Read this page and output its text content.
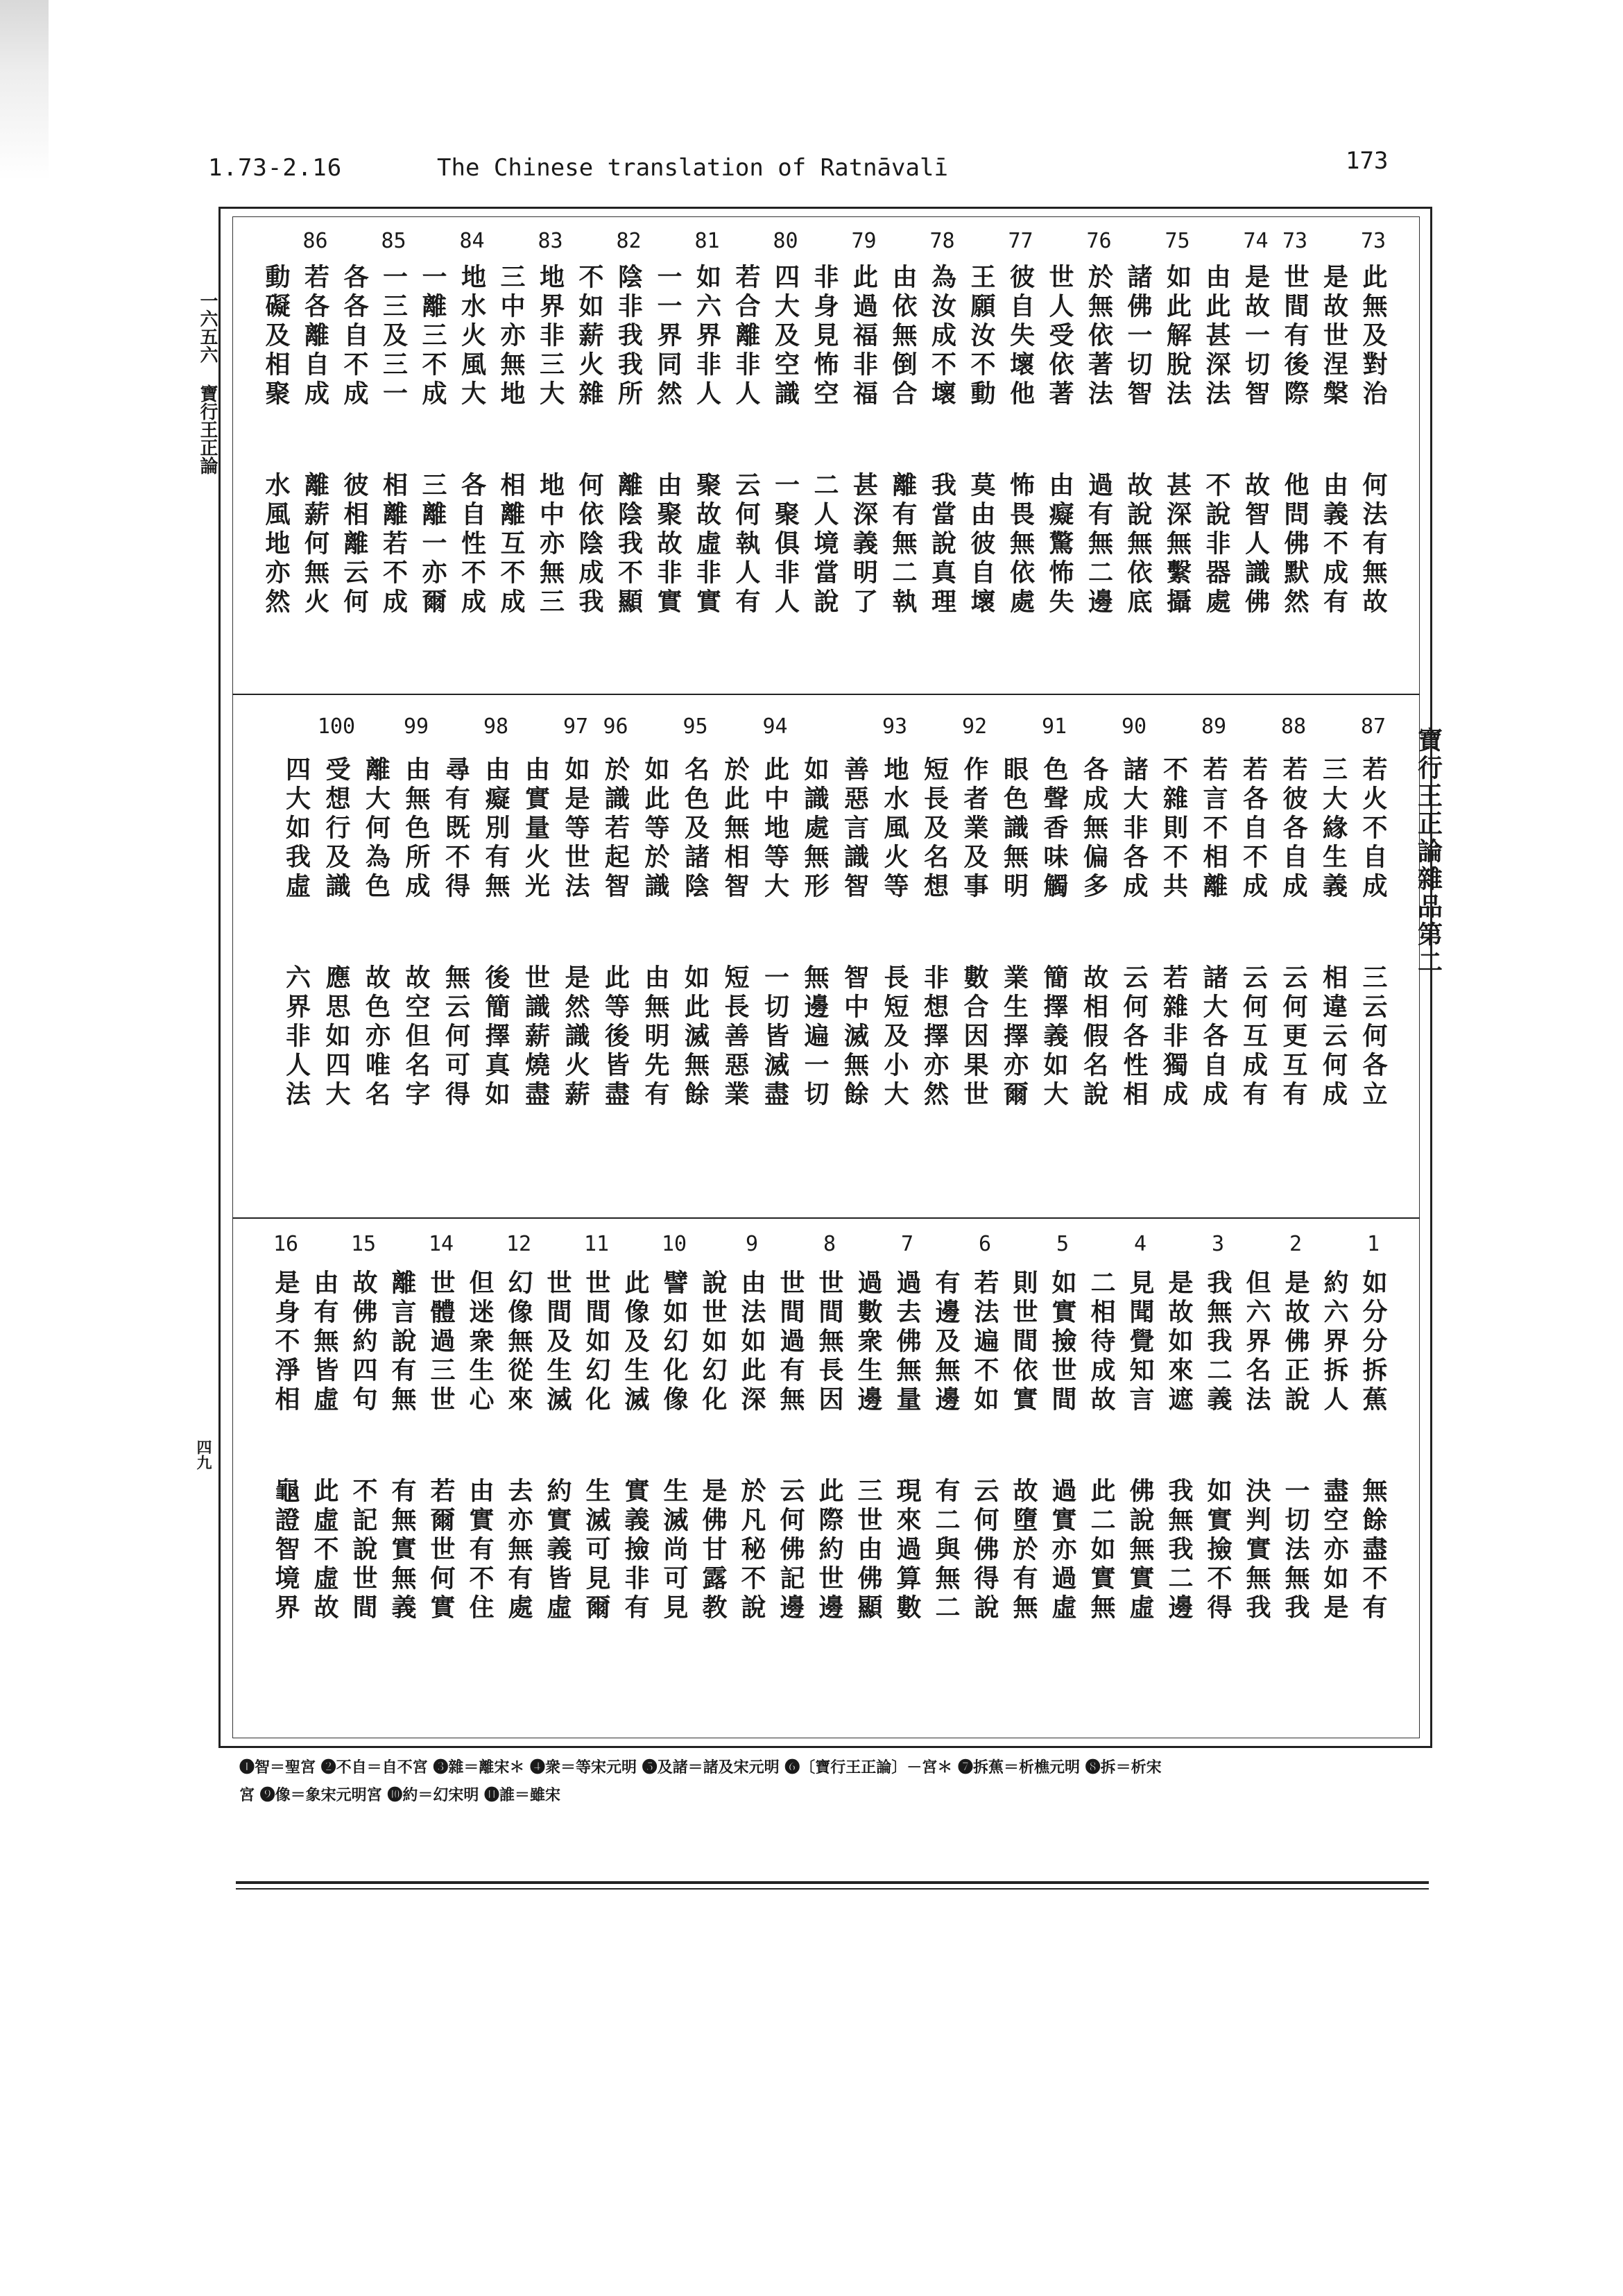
1.73-2.16	The Chinese translation of Ratnāvalī	173
一六五六 寶行王正論
四九
73
此無及對治
何法有無故
是故世涅槃
由義不成有
73
世間有後際
他問佛默然
74
是故一切智
故智人識佛
由此甚深法
不說非器處
75
如此解脫法
甚深無繫攝
諸佛一切智
故說無依底
76
於無依著法
過有無二邊
世人受依著
由癡驚怖失
77
彼自失壞他
怖畏無依處
王願汝不動
莫由彼自壞
78
為汝成不壞
我當說真理
由依無倒合
離有無二執
79
此過福非福
甚深義明了
非身見怖空
二人境當說
80
四大及空識
一聚俱非人
若合離非人
云何執人有
81
如六界非人
聚故虛非實
一一界同然
由聚故非實
82
陰非我我所
離陰我不顯
不如薪火雜
何依陰成我
83
地界非三大
地中亦無三
三中亦無地
相離互不成
84
地水火風大
各自性不成
一離三不成
三離一亦爾
85
一三及三一
相離若不成
各各自不成
彼相離云何
86
若各離自成
離薪何無火
動礙及相聚
水風地亦然
寶行王正論雜品第二
87
若火不自成
三云何各立
三大緣生義
相違云何成
88
若彼各自成
云何更互有
若各自不成
云何互成有
89
若言不相離
諸大各自成
不雜則不共
若雜非獨成
90
諸大非各成
云何各性相
各成無偏多
故相假名說
91
色聲香味觸
簡擇義如大
眼色識無明
業生擇亦爾
92
作者業及事
數合因果世
短長及名想
非想擇亦然
93
地水風火等
長短及小大
善惡言識智
智中滅無餘
如識處無形
無邊遍一切
94
此中地等大
一切皆滅盡
於此無相智
短長善惡業
95
名色及諸陰
如此滅無餘
如此等於識
由無明先有
96
於識若起智
此等後皆盡
97
如是等世法
是然識火薪
由實量火光
世識薪燒盡
98
由癡別有無
後簡擇真如
尋有既不得
無云何可得
99
由無色所成
故空但名字
離大何為色
故色亦唯名
100
受想行及識
應思如四大
四大如我虛
六界非人法
1
如分分拆蕉
無餘盡不有
約六界拆人
盡空亦如是
2
是故佛正說
一切法無我
但六界名法
決判實無我
3
我無我二義
如實撿不得
是故如來遮
我無我二邊
4
見聞覺知言
佛說無實虛
二相待成故
此二如實無
5
如實撿世間
過實亦過虛
則世間依實
故墮於有無
6
若法遍不如
云何佛得說
有邊及無邊
有二與無二
7
過去佛無量
現來過算數
過數衆生邊
三世由佛顯
8
世間無長因
此際約世邊
世間過有無
云何佛記邊
9
由法如此深
於凡秘不說
說世如幻化
是佛甘露教
10
譬如幻化像
生滅尚可見
此像及生滅
實義撿非有
11
世間如幻化
生滅可見爾
世間及生滅
約實義皆虛
12
幻像無從來
去亦無有處
但迷衆生心
由實有不住
14
世體過三世
若爾世何實
離言說有無
有無實無義
15
故佛約四句
不記說世間
由有無皆虛
此虛不虛故
16
是身不淨相
龜證智境界
❶智＝聖宮 ❷不自＝自不宮 ❸雜＝離宋＊ ❹衆＝等宋元明 ❺及諸＝諸及宋元明 ❻〔寶行王正論〕－宮＊ ❼拆蕉＝析樵元明 ❽拆＝析宋
宮 ❾像＝象宋元明宮 ❿約＝幻宋明 ⓫誰＝雖宋
